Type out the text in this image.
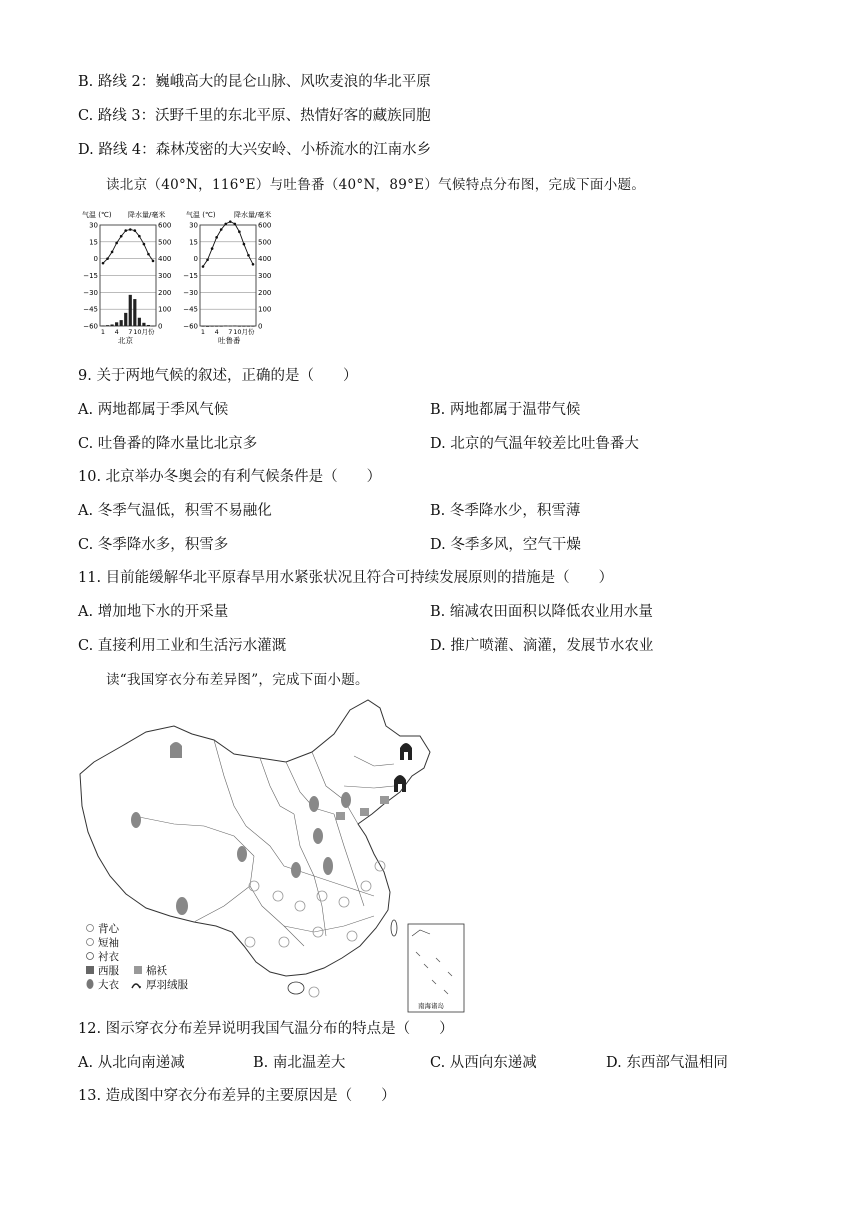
B. 路线 2：巍峨高大的昆仑山脉、风吹麦浪的华北平原
C. 路线 3：沃野千里的东北平原、热情好客的藏族同胞
D. 路线 4：森林茂密的大兴安岭、小桥流水的江南水乡
读北京（40°N，116°E）与吐鲁番（40°N，89°E）气候特点分布图，完成下面小题。
30	600
15	500
0	400
−15	300
−30	200
−45	100
−60	0
1 4 7 10月份
30	600
15	500
0	400
−15	300
−30	200
−45	100
−60	0
1 4 7 10月份
气温 (℃) 降水量/毫米	气温 (℃)	降水量/毫米
北京	吐鲁番
9. 关于两地气候的叙述，正确的是（　　）
A. 两地都属于季风气候	B. 两地都属于温带气候
C. 吐鲁番的降水量比北京多	D. 北京的气温年较差比吐鲁番大
10. 北京举办冬奥会的有利气候条件是（　　）
A. 冬季气温低，积雪不易融化	B. 冬季降水少，积雪薄
C. 冬季降水多，积雪多	D. 冬季多风，空气干燥
11. 目前能缓解华北平原春旱用水紧张状况且符合可持续发展原则的措施是（　　）
A. 增加地下水的开采量	B. 缩减农田面积以降低农业用水量
C. 直接利用工业和生活污水灌溉	D. 推广喷灌、滴灌，发展节水农业
读“我国穿衣分布差异图”，完成下面小题。
背心
短袖
衬衣
西服	棉袄
大衣	厚羽绒服
南海诸岛
12. 图示穿衣分布差异说明我国气温分布的特点是（　　）
A. 从北向南递减	B. 南北温差大	C. 从西向东递减	D. 东西部气温相同
13. 造成图中穿衣分布差异的主要原因是（　　）
